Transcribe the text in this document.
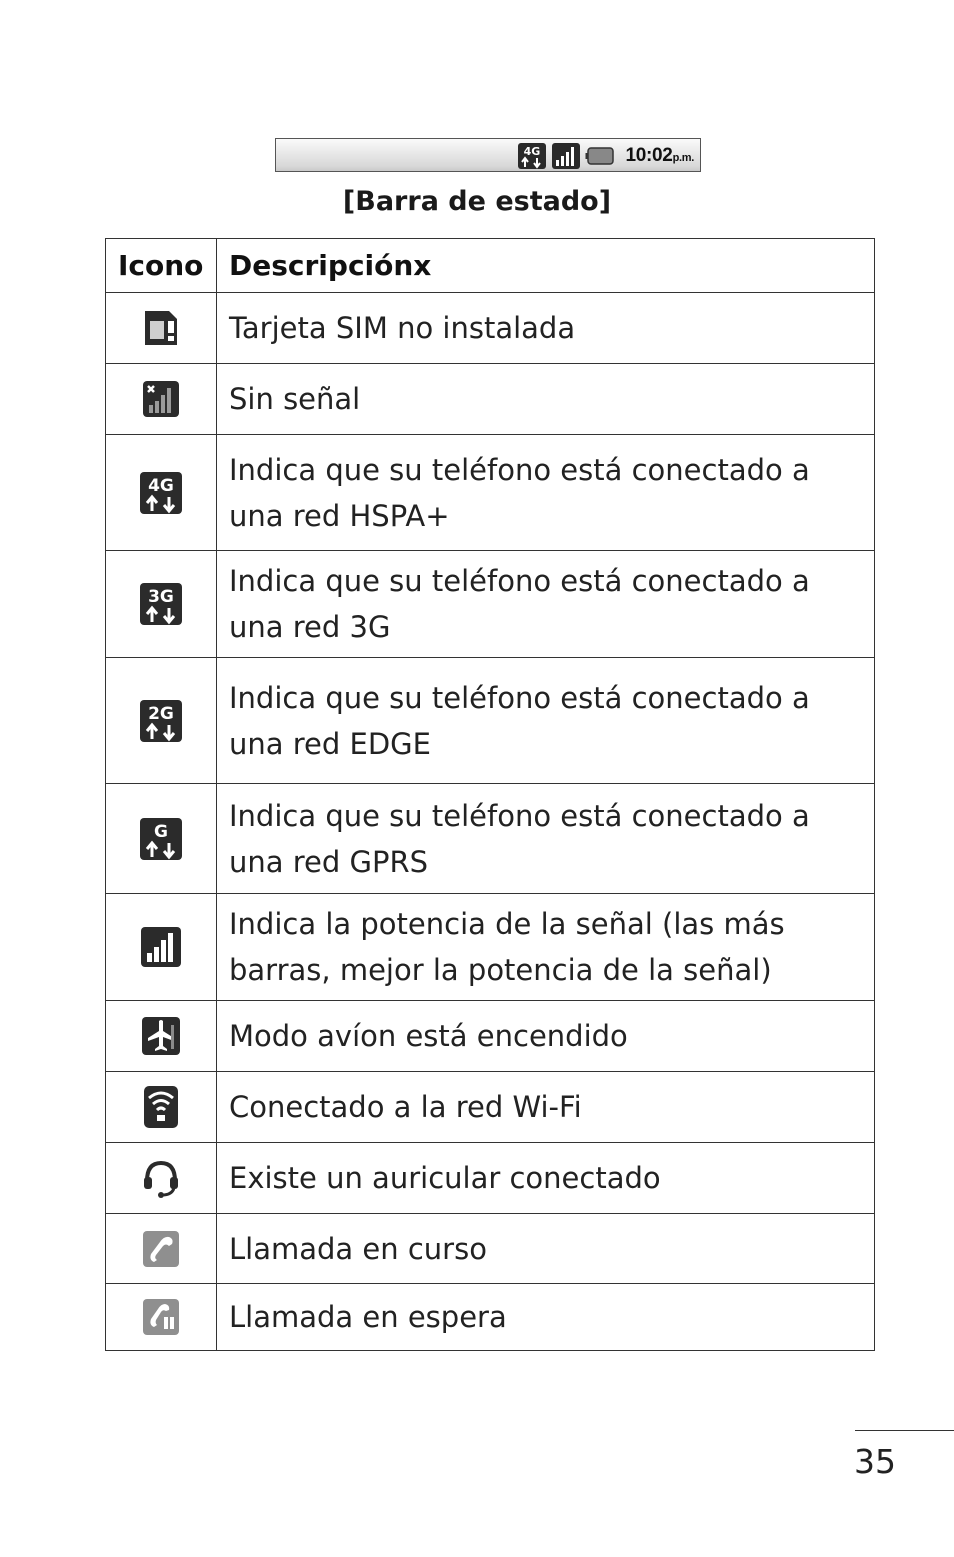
4G	10:02p.m.
[Barra de estado]
Icono	Descripciónx
	Tarjeta SIM no instalada
	Sin señal

4G	Indica que su teléfono está conectado a una red HSPA+

3G	Indica que su teléfono está conectado a una red 3G

2G	Indica que su teléfono está conectado a una red EDGE

G	Indica que su teléfono está conectado a una red GPRS
	Indica la potencia de la señal (las más barras, mejor la potencia de la señal)
	Modo avíon está encendido
	Conectado a la red Wi-Fi
	Existe un auricular conectado
	Llamada en curso
	Llamada en espera
35
